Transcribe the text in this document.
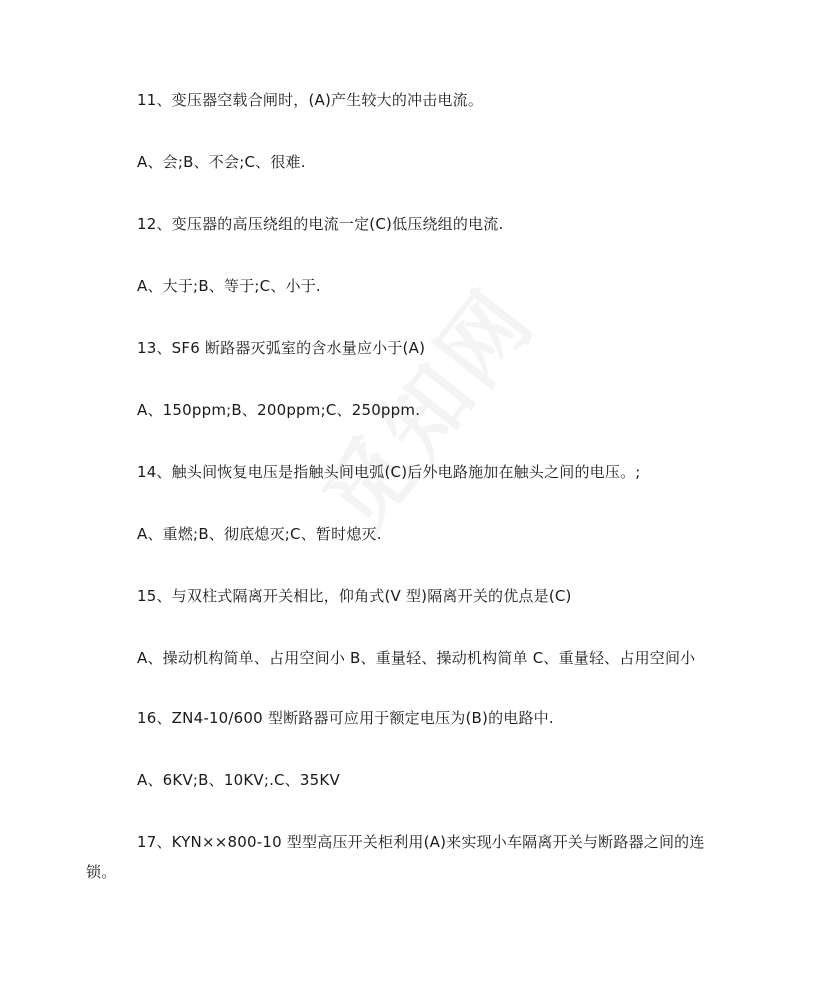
11、变压器空载合闸时，(A)产生较大的冲击电流。
A、会;B、不会;C、很难.
12、变压器的高压绕组的电流一定(C)低压绕组的电流.
A、大于;B、等于;C、小于.
13、SF6 断路器灭弧室的含水量应小于(A)
A、150ppm;B、200ppm;C、250ppm.
14、触头间恢复电压是指触头间电弧(C)后外电路施加在触头之间的电压。;
A、重燃;B、彻底熄灭;C、暂时熄灭.
15、与双柱式隔离开关相比，仰角式(V 型)隔离开关的优点是(C)
A、操动机构简单、占用空间小 B、重量轻、操动机构简单 C、重量轻、占用空间小
16、ZN4-10/600 型断路器可应用于额定电压为(B)的电路中.
A、6KV;B、10KV;.C、35KV
17、KYN××800-10 型型高压开关柜利用(A)来实现小车隔离开关与断路器之间的连
锁。
